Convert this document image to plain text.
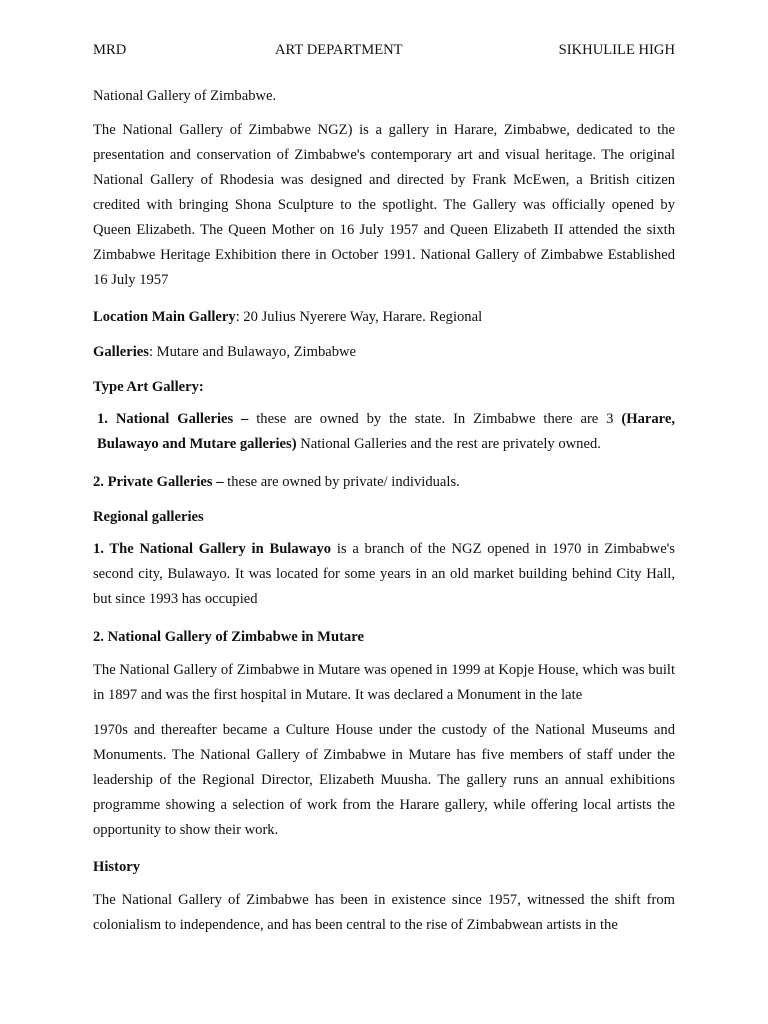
MRD	ART DEPARTMENT	SIKHULILE HIGH
National Gallery of Zimbabwe.

The National Gallery of Zimbabwe NGZ) is a gallery in Harare, Zimbabwe, dedicated to the presentation and conservation of Zimbabwe's contemporary art and visual heritage. The original National Gallery of Rhodesia was designed and directed by Frank McEwen, a British citizen credited with bringing Shona Sculpture to the spotlight. The Gallery was officially opened by Queen Elizabeth. The Queen Mother on 16 July 1957 and Queen Elizabeth II attended the sixth Zimbabwe Heritage Exhibition there in October 1991. National Gallery of Zimbabwe Established 16 July 1957

Location Main Gallery: 20 Julius Nyerere Way, Harare. Regional
Galleries: Mutare and Bulawayo, Zimbabwe
Type Art Gallery:

1. National Galleries – these are owned by the state. In Zimbabwe there are 3 (Harare, Bulawayo and Mutare galleries) National Galleries and the rest are privately owned.

2. Private Galleries – these are owned by private/ individuals.
Regional galleries

1. The National Gallery in Bulawayo is a branch of the NGZ opened in 1970 in Zimbabwe's second city, Bulawayo. It was located for some years in an old market building behind City Hall, but since 1993 has occupied

2. National Gallery of Zimbabwe in Mutare

The National Gallery of Zimbabwe in Mutare was opened in 1999 at Kopje House, which was built in 1897 and was the first hospital in Mutare. It was declared a Monument in the late

1970s and thereafter became a Culture House under the custody of the National Museums and Monuments. The National Gallery of Zimbabwe in Mutare has five members of staff under the leadership of the Regional Director, Elizabeth Muusha. The gallery runs an annual exhibitions programme showing a selection of work from the Harare gallery, while offering local artists the opportunity to show their work.

History

The National Gallery of Zimbabwe has been in existence since 1957, witnessed the shift from colonialism to independence, and has been central to the rise of Zimbabwean artists in the
